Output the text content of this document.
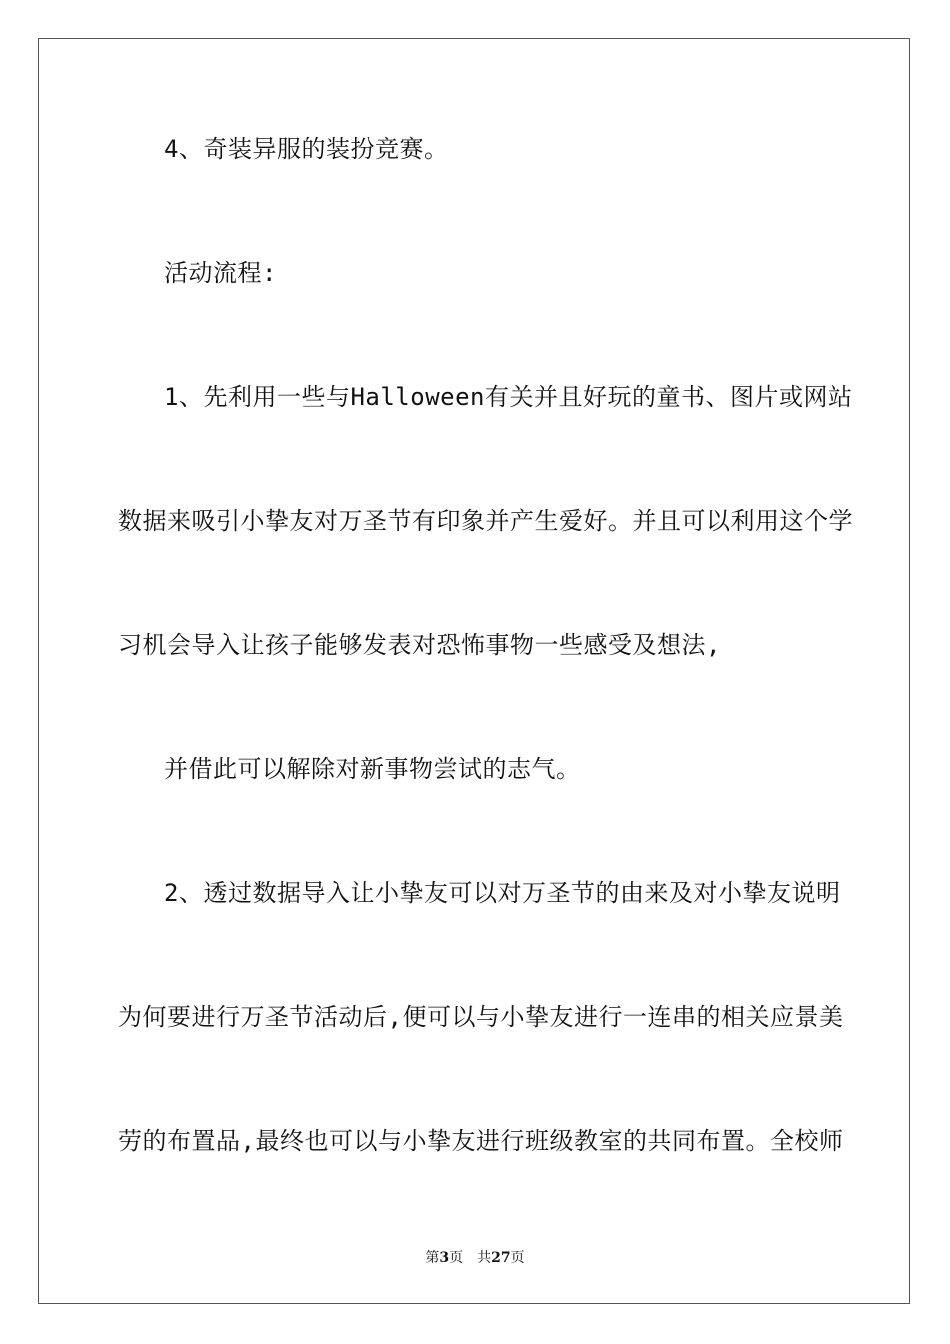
4、奇装异服的装扮竞赛。
活动流程:
1、先利用一些与Halloween有关并且好玩的童书、图片或网站
数据来吸引小挚友对万圣节有印象并产生爱好。并且可以利用这个学
习机会导入让孩子能够发表对恐怖事物一些感受及想法,
并借此可以解除对新事物尝试的志气。
2、透过数据导入让小挚友可以对万圣节的由来及对小挚友说明
为何要进行万圣节活动后,便可以与小挚友进行一连串的相关应景美
劳的布置品,最终也可以与小挚友进行班级教室的共同布置。全校师
第3页 共27页
